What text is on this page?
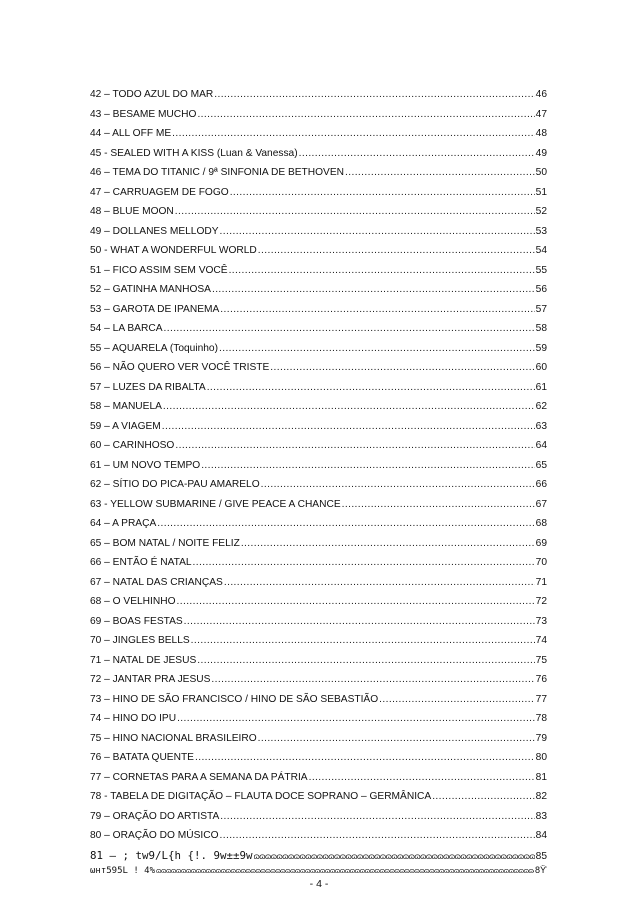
42 – TODO AZUL DO MAR .....	46
43 – BESAME MUCHO .....	47
44 – ALL OFF ME .....	48
45 - SEALED WITH A KISS (Luan & Vanessa) .....	49
46 – TEMA DO TITANIC / 9ª SINFONIA DE BETHOVEN .....	50
47 – CARRUAGEM DE FOGO .....	51
48 – BLUE MOON .....	52
49 – DOLLANES MELLODY .....	53
50 - WHAT A WONDERFUL WORLD .....	54
51 – FICO ASSIM SEM VOCÊ .....	55
52 – GATINHA MANHOSA .....	56
53 – GAROTA DE IPANEMA .....	57
54 – LA BARCA .....	58
55 – AQUARELA (Toquinho) .....	59
56 – NÃO QUERO VER VOCÊ TRISTE .....	60
57 – LUZES DA RIBALTA .....	61
58 – MANUELA .....	62
59 – A VIAGEM .....	63
60 – CARINHOSO .....	64
61 – UM NOVO TEMPO .....	65
62 – SÍTIO DO PICA-PAU AMARELO .....	66
63 - YELLOW SUBMARINE / GIVE PEACE A CHANCE .....	67
64 – A PRAÇA .....	68
65 – BOM NATAL / NOITE FELIZ .....	69
66 – ENTÃO É NATAL .....	70
67 – NATAL DAS CRIANÇAS .....	71
68 – O VELHINHO .....	72
69 – BOAS FESTAS .....	73
70 – JINGLES BELLS .....	74
71 – NATAL DE JESUS .....	75
72 – JANTAR PRA JESUS .....	76
73 – HINO DE SÃO FRANCISCO / HINO DE SÃO SEBASTIÃO .....	77
74 – HINO DO IPU .....	78
75 – HINO NACIONAL BRASILEIRO .....	79
76 – BATATA QUENTE .....	80
77 – CORNETAS PARA A SEMANA DA PÁTRIA .....	81
78 - TABELA DE DIGITAÇÃO – FLAUTA DOCE SOPRANO – GERMÂNICA .....	82
79 – ORAÇÃO DO ARTISTA .....	83
80 – ORAÇÃO DO MÚSICO .....	84
81 – ; tw9/L{h {!. 9w±±9w ɷɷɷɷɷɷɷɷɷɷɷɷɷɷɷɷɷɷɷɷɷɷɷɷɷɷɷɷɷɷɷɷɷɷɷɷɷɷɷɷɷɷɷɷɷɷɷɷɷɷɷɷɷɷɷɷɷɷɷɷɷɷɷɷɷɷɷɷɷɷɷɷɷɷɷɷɷɷɷɷɷɷɷɷ	85
ωнт595L ! 4% ɷɷɷɷɷɷɷɷɷɷɷɷɷɷɷɷɷɷɷɷɷɷɷɷɷɷɷɷɷɷɷɷɷɷɷɷɷɷɷɷɷɷɷɷɷɷɷɷɷɷɷɷɷɷɷɷɷɷɷɷɷɷɷɷɷɷɷɷɷɷɷɷɷɷɷɷɷɷɷɷɷɷɷɷɷɷɷɷɷɷɷɷɷɷɷɷɷɷɷɷ	8ϔ
- 4 -
